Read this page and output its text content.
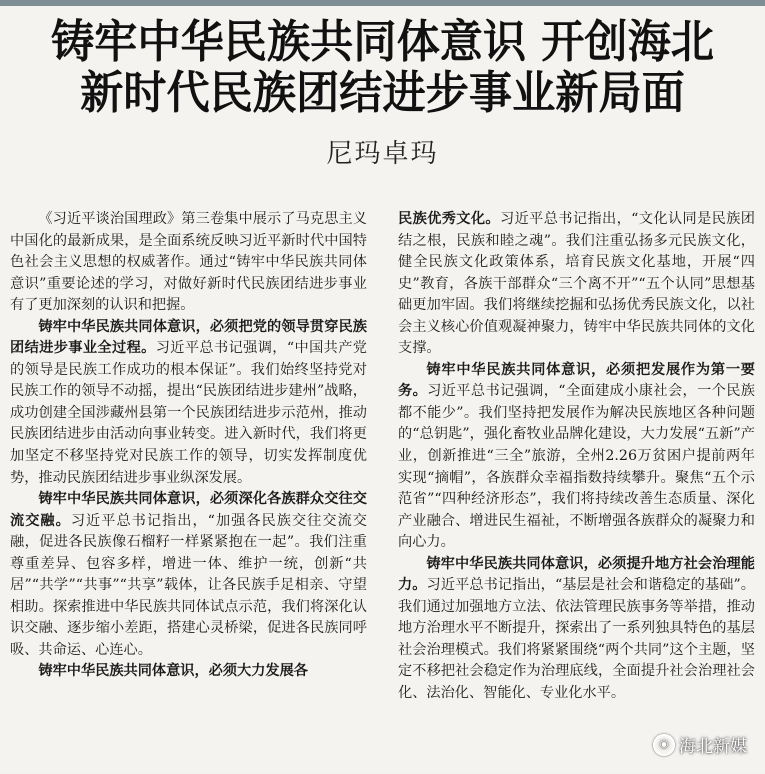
铸牢中华民族共同体意识 开创海北
新时代民族团结进步事业新局面
尼玛卓玛

《习近平谈治国理政》第三卷集中展示了马克思主义中国化的最新成果，是全面系统反映习近平新时代中国特色社会主义思想的权威著作。通过“铸牢中华民族共同体意识”重要论述的学习，对做好新时代民族团结进步事业有了更加深刻的认识和把握。

铸牢中华民族共同体意识，必须把党的领导贯穿民族团结进步事业全过程。习近平总书记强调，“中国共产党的领导是民族工作成功的根本保证”。我们始终坚持党对民族工作的领导不动摇，提出“民族团结进步建州”战略，成功创建全国涉藏州县第一个民族团结进步示范州，推动民族团结进步由活动向事业转变。进入新时代，我们将更加坚定不移坚持党对民族工作的领导，切实发挥制度优势，推动民族团结进步事业纵深发展。

铸牢中华民族共同体意识，必须深化各族群众交往交流交融。习近平总书记指出，“加强各民族交往交流交融，促进各民族像石榴籽一样紧紧抱在一起”。我们注重尊重差异、包容多样，增进一体、维护一统，创新“共居”“共学”“共事”“共享”载体，让各民族手足相亲、守望相助。探索推进中华民族共同体试点示范，我们将深化认识交融、逐步缩小差距，搭建心灵桥梁，促进各民族同呼吸、共命运、心连心。

铸牢中华民族共同体意识，必须大力发展各

民族优秀文化。习近平总书记指出，“文化认同是民族团结之根，民族和睦之魂”。我们注重弘扬多元民族文化，健全民族文化政策体系，培育民族文化基地，开展“四史”教育，各族干部群众“三个离不开”“五个认同”思想基础更加牢固。我们将继续挖掘和弘扬优秀民族文化，以社会主义核心价值观凝神聚力，铸牢中华民族共同体的文化支撑。

铸牢中华民族共同体意识，必须把发展作为第一要务。习近平总书记强调，“全面建成小康社会，一个民族都不能少”。我们坚持把发展作为解决民族地区各种问题的“总钥匙”，强化畜牧业品牌化建设，大力发展“五新”产业，创新推进“三全”旅游，全州2.26万贫困户提前两年实现“摘帽”，各族群众幸福指数持续攀升。聚焦“五个示范省”“四种经济形态”，我们将持续改善生态质量、深化产业融合、增进民生福祉，不断增强各族群众的凝聚力和向心力。

铸牢中华民族共同体意识，必须提升地方社会治理能力。习近平总书记指出，“基层是社会和谐稳定的基础”。我们通过加强地方立法、依法管理民族事务等举措，推动地方治理水平不断提升，探索出了一系列独具特色的基层社会治理模式。我们将紧紧围绕“两个共同”这个主题，坚定不移把社会稳定作为治理底线，全面提升社会治理社会化、法治化、智能化、专业化水平。

◉ 海北新媒
